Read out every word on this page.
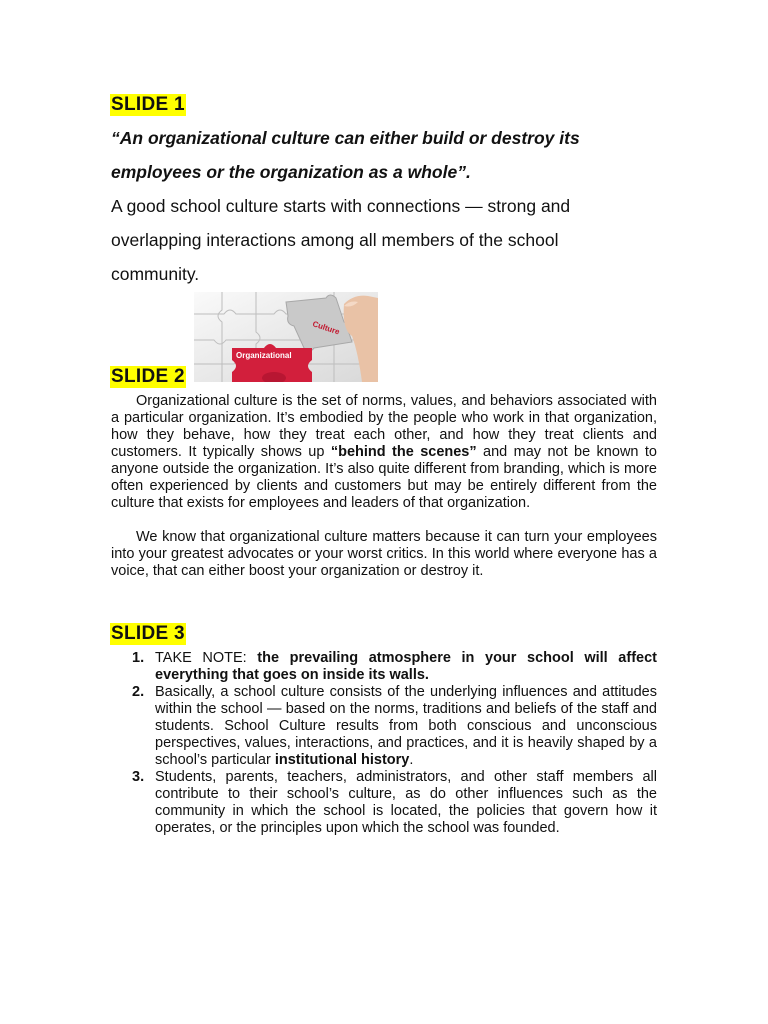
SLIDE 1

“An organizational culture can either build or destroy its employees or the organization as a whole”.

A good school culture starts with connections — strong and overlapping interactions among all members of the school community.

Culture
Organizational
SLIDE 2

Organizational culture is the set of norms, values, and behaviors associated with a particular organization. It’s embodied by the people who work in that organization, how they behave, how they treat each other, and how they treat clients and customers. It typically shows up “behind the scenes” and may not be known to anyone outside the organization. It’s also quite different from branding, which is more often experienced by clients and customers but may be entirely different from the culture that exists for employees and leaders of that organization.

We know that organizational culture matters because it can turn your employees into your greatest advocates or your worst critics. In this world where everyone has a voice, that can either boost your organization or destroy it.

SLIDE 3
1. TAKE NOTE: the prevailing atmosphere in your school will affect everything that goes on inside its walls.
2. Basically, a school culture consists of the underlying influences and attitudes within the school — based on the norms, traditions and beliefs of the staff and students. School Culture results from both conscious and unconscious perspectives, values, interactions, and practices, and it is heavily shaped by a school’s particular institutional history.
3. Students, parents, teachers, administrators, and other staff members all contribute to their school’s culture, as do other influences such as the community in which the school is located, the policies that govern how it operates, or the principles upon which the school was founded.
